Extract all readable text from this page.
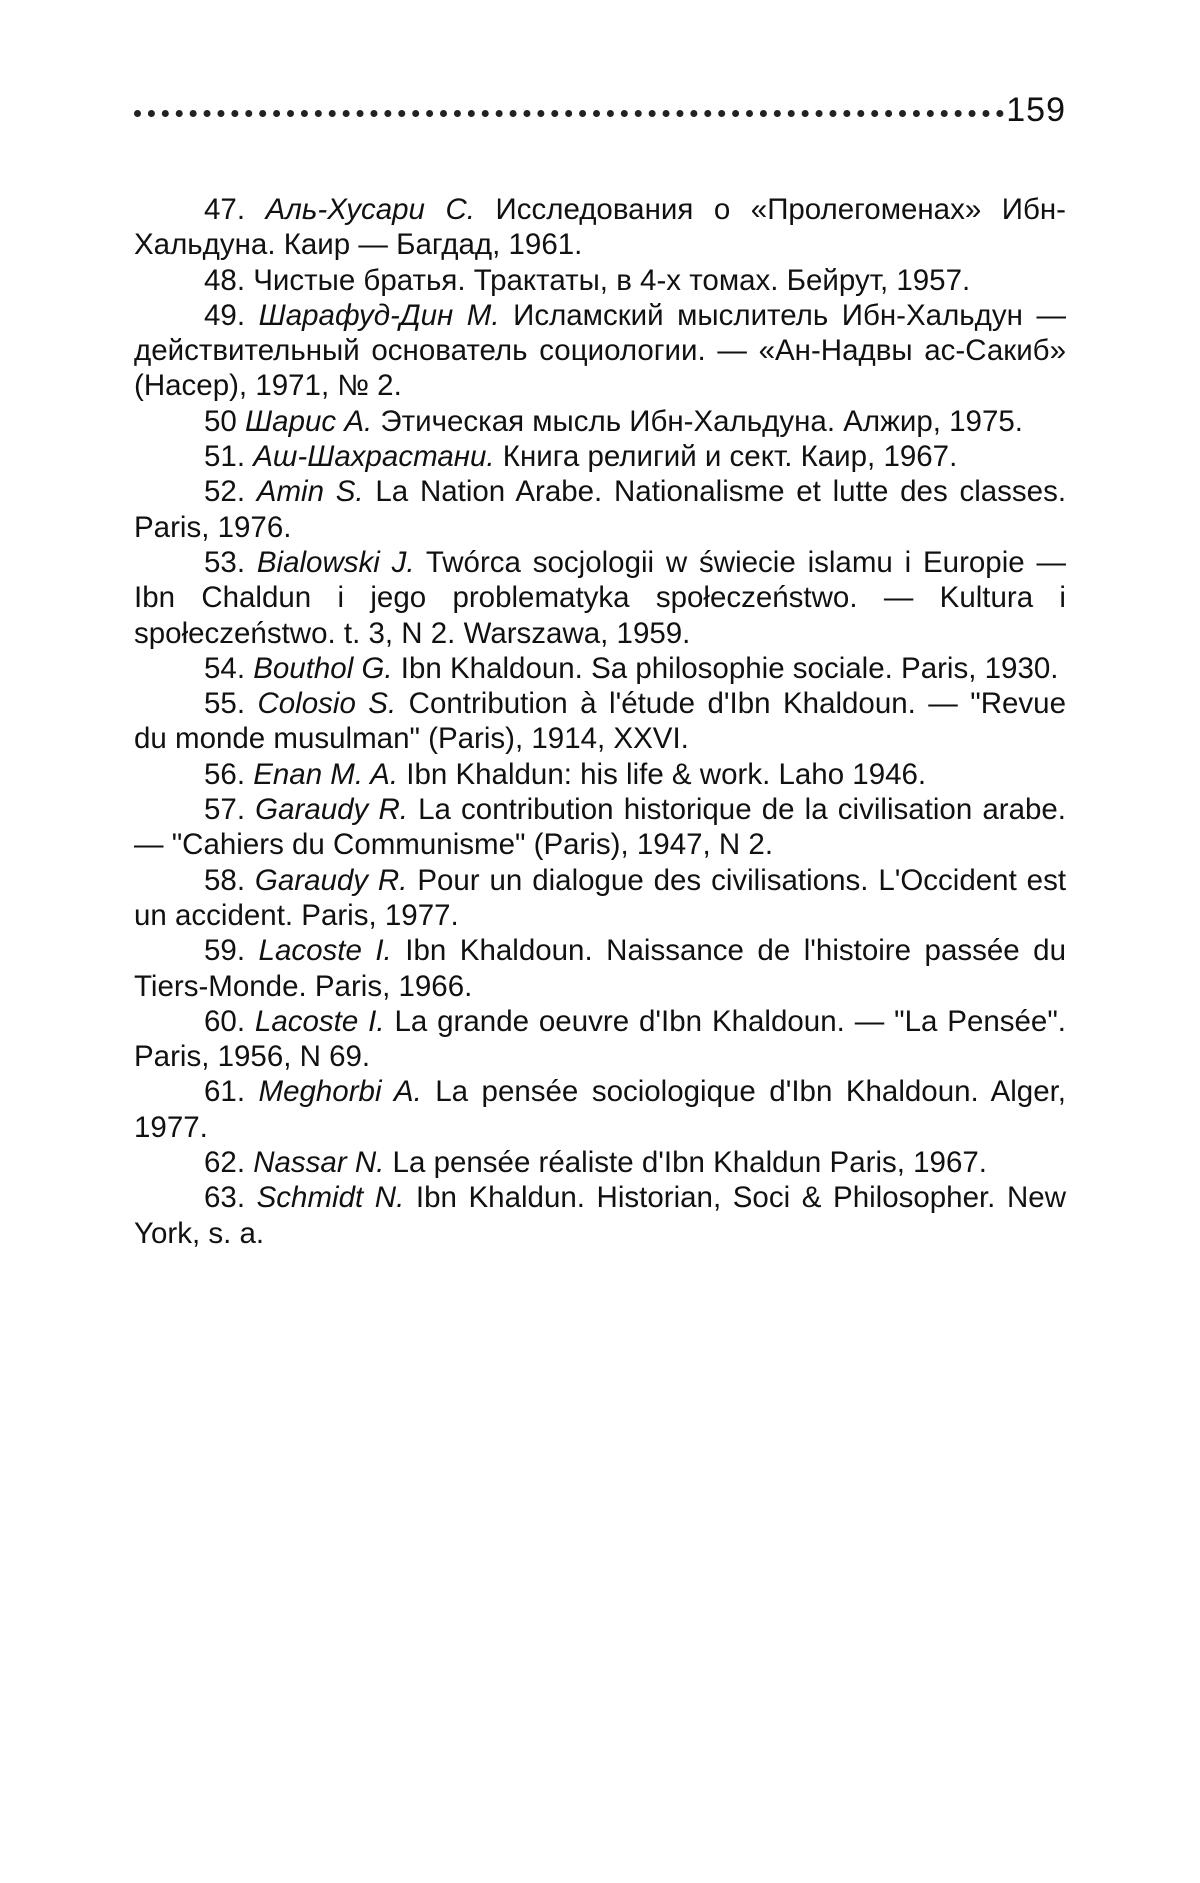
159
47. Аль-Хусари С. Исследования о «Пролегоменах» Ибн-Хальдуна. Каир — Багдад, 1961.
48. Чистые братья. Трактаты, в 4-х томах. Бейрут, 1957.
49. Шарафуд-Дин М. Исламский мыслитель Ибн-Хальдун — действительный основатель социологии. — «Ан-Надвы ас-Сакиб» (Насер), 1971, № 2.
50 Шарис А. Этическая мысль Ибн-Хальдуна. Алжир, 1975.
51. Аш-Шахрастани. Книга религий и сект. Каир, 1967.
52. Amin S. La Nation Arabe. Nationalisme et lutte des classes. Paris, 1976.
53. Bialowski J. Twórca socjologii w świecie islamu i Europie — Ibn Chaldun i jego problematyka społeczeństwo. — Kultura i społeczeństwo. t. 3, N 2. Warszawa, 1959.
54. Bouthol G. Ibn Khaldoun. Sa philosophie sociale. Paris, 1930.
55. Colosio S. Contribution à l'étude d'Ibn Khaldoun. — "Revue du monde musulman" (Paris), 1914, XXVI.
56. Enan M. A. Ibn Khaldun: his life & work. Laho 1946.
57. Garaudy R. La contribution historique de la civilisation arabe. — "Cahiers du Communisme" (Paris), 1947, N 2.
58. Garaudy R. Pour un dialogue des civilisations. L'Occident est un accident. Paris, 1977.
59. Lacoste I. Ibn Khaldoun. Naissance de l'histoire passée du Tiers-Monde. Paris, 1966.
60. Lacoste I. La grande oeuvre d'Ibn Khaldoun. — "La Pensée". Paris, 1956, N 69.
61. Meghorbi A. La pensée sociologique d'Ibn Khaldoun. Alger, 1977.
62. Nassar N. La pensée réaliste d'Ibn Khaldun Paris, 1967.
63. Schmidt N. Ibn Khaldun. Historian, Soci & Philosopher. New York, s. a.
